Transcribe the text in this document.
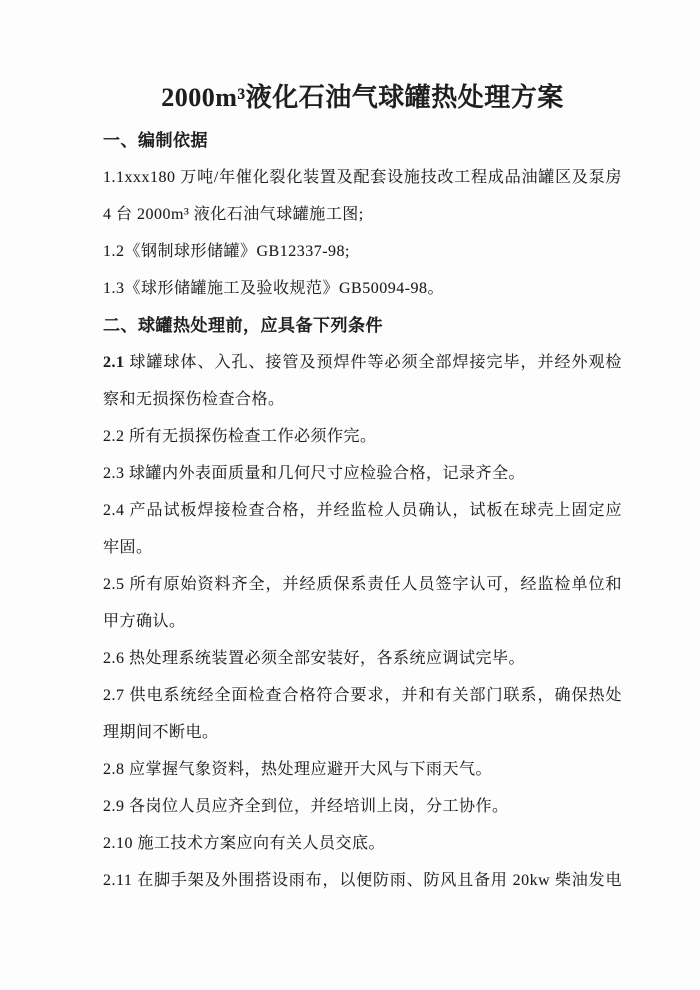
2000m³液化石油气球罐热处理方案
一、编制依据

1.1xxx180 万吨/年催化裂化装置及配套设施技改工程成品油罐区及泵房 4 台 2000m³ 液化石油气球罐施工图;

1.2《钢制球形储罐》GB12337-98;

1.3《球形储罐施工及验收规范》GB50094-98。

二、球罐热处理前，应具备下列条件

2.1 球罐球体、入孔、接管及预焊件等必须全部焊接完毕，并经外观检察和无损探伤检查合格。

2.2 所有无损探伤检查工作必须作完。

2.3 球罐内外表面质量和几何尺寸应检验合格，记录齐全。

2.4 产品试板焊接检查合格，并经监检人员确认，试板在球壳上固定应牢固。

2.5 所有原始资料齐全，并经质保系责任人员签字认可，经监检单位和甲方确认。

2.6 热处理系统装置必须全部安装好，各系统应调试完毕。

2.7 供电系统经全面检查合格符合要求，并和有关部门联系，确保热处理期间不断电。

2.8 应掌握气象资料，热处理应避开大风与下雨天气。

2.9 各岗位人员应齐全到位，并经培训上岗，分工协作。

2.10 施工技术方案应向有关人员交底。

2.11 在脚手架及外围搭设雨布，以便防雨、防风且备用 20kw 柴油发电
